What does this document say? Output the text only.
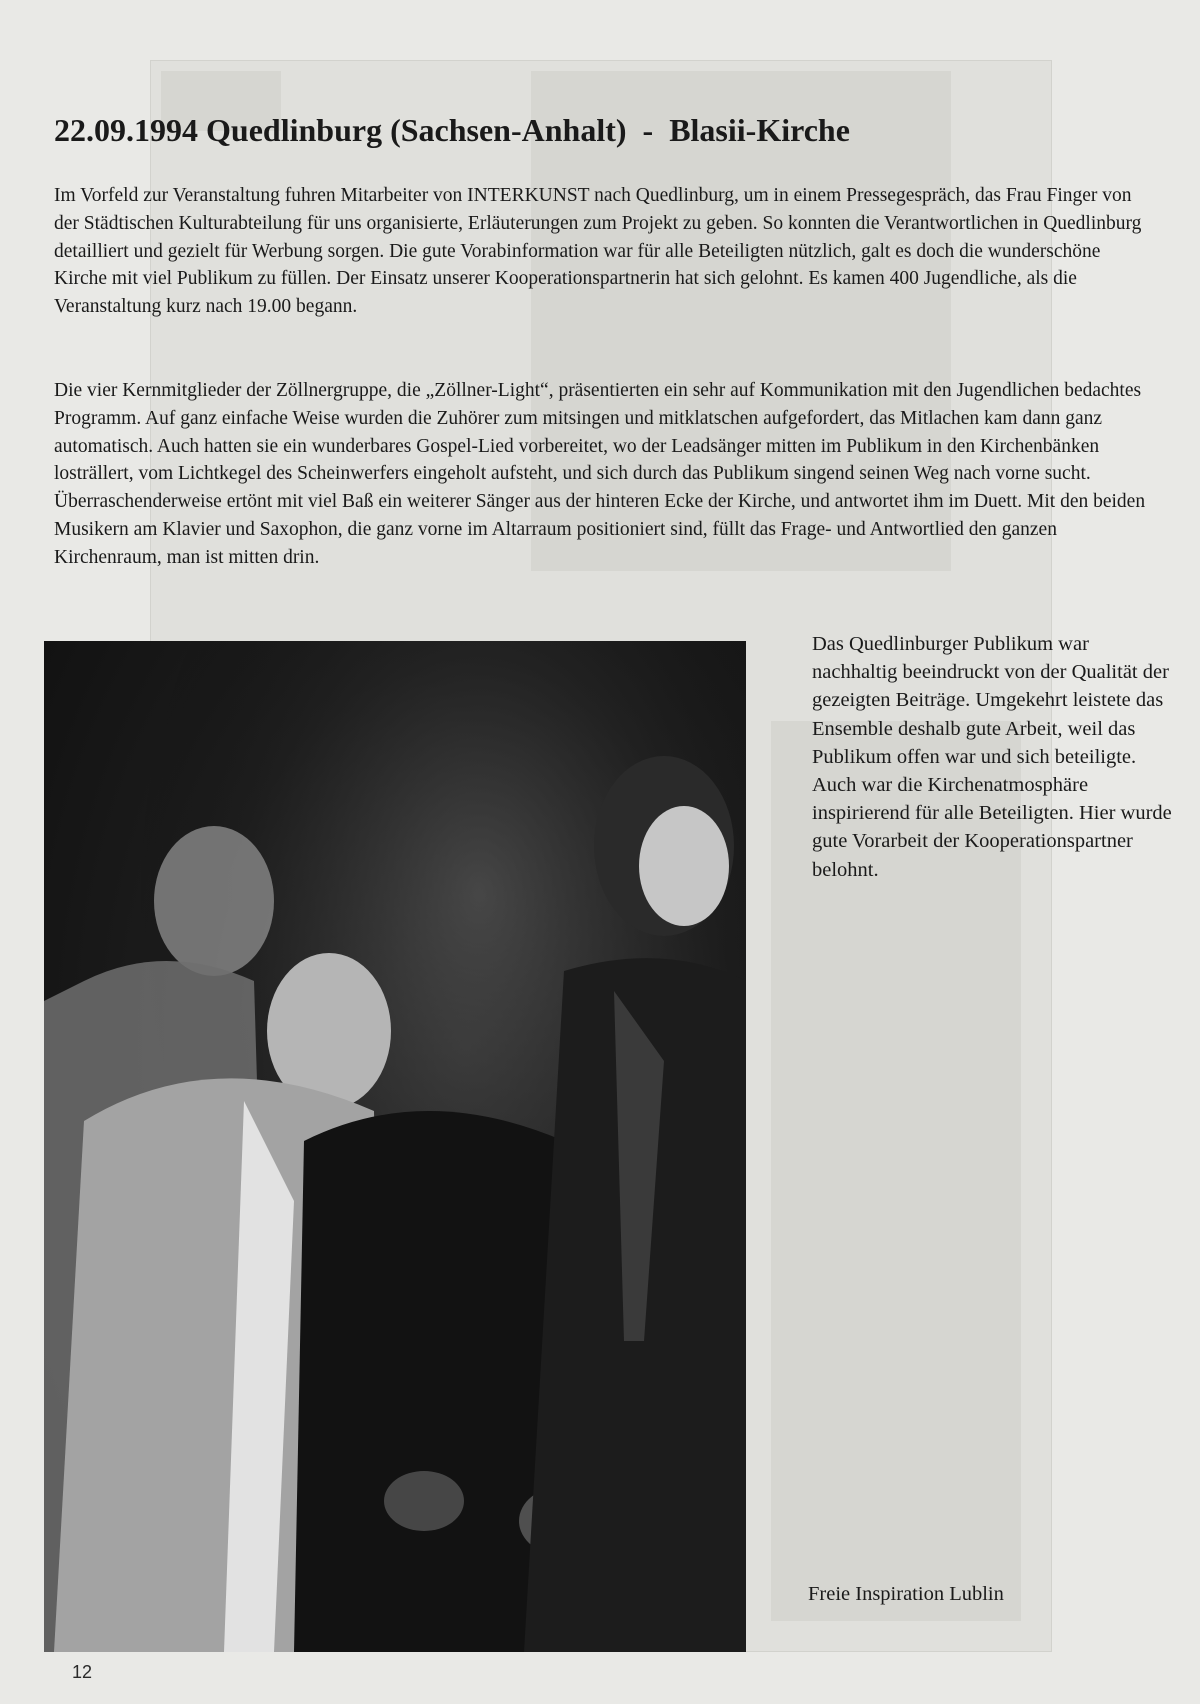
22.09.1994 Quedlinburg (Sachsen-Anhalt) - Blasii-Kirche

Im Vorfeld zur Veranstaltung fuhren Mitarbeiter von INTERKUNST nach Quedlinburg, um in einem Pressegespräch, das Frau Finger von der Städtischen Kulturabteilung für uns organisierte, Erläuterungen zum Projekt zu geben. So konnten die Verantwortlichen in Quedlinburg detailliert und gezielt für Werbung sorgen. Die gute Vorabinformation war für alle Beteiligten nützlich, galt es doch die wunderschöne Kirche mit viel Publikum zu füllen. Der Einsatz unserer Kooperationspartnerin hat sich gelohnt. Es kamen 400 Jugendliche, als die Veranstaltung kurz nach 19.00 begann.

Die vier Kernmitglieder der Zöllnergruppe, die „Zöllner-Light“, präsentierten ein sehr auf Kommunikation mit den Jugendlichen bedachtes Programm. Auf ganz einfache Weise wurden die Zuhörer zum mitsingen und mitklatschen aufgefordert, das Mitlachen kam dann ganz automatisch. Auch hatten sie ein wunderbares Gospel-Lied vorbereitet, wo der Leadsänger mitten im Publikum in den Kirchenbänken losträllert, vom Lichtkegel des Scheinwerfers eingeholt aufsteht, und sich durch das Publikum singend seinen Weg nach vorne sucht. Überraschenderweise ertönt mit viel Baß ein weiterer Sänger aus der hinteren Ecke der Kirche, und antwortet ihm im Duett. Mit den beiden Musikern am Klavier und Saxophon, die ganz vorne im Altarraum positioniert sind, füllt das Frage- und Antwortlied den ganzen Kirchenraum, man ist mitten drin.

Das Quedlinburger Publikum war nachhaltig beeindruckt von der Qualität der gezeigten Beiträge. Umgekehrt leistete das Ensemble deshalb gute Arbeit, weil das Publikum offen war und sich beteiligte. Auch war die Kirchenatmosphäre inspirierend für alle Beteiligten. Hier wurde gute Vorarbeit der Kooperationspartner belohnt.

Freie Inspiration Lublin

12
